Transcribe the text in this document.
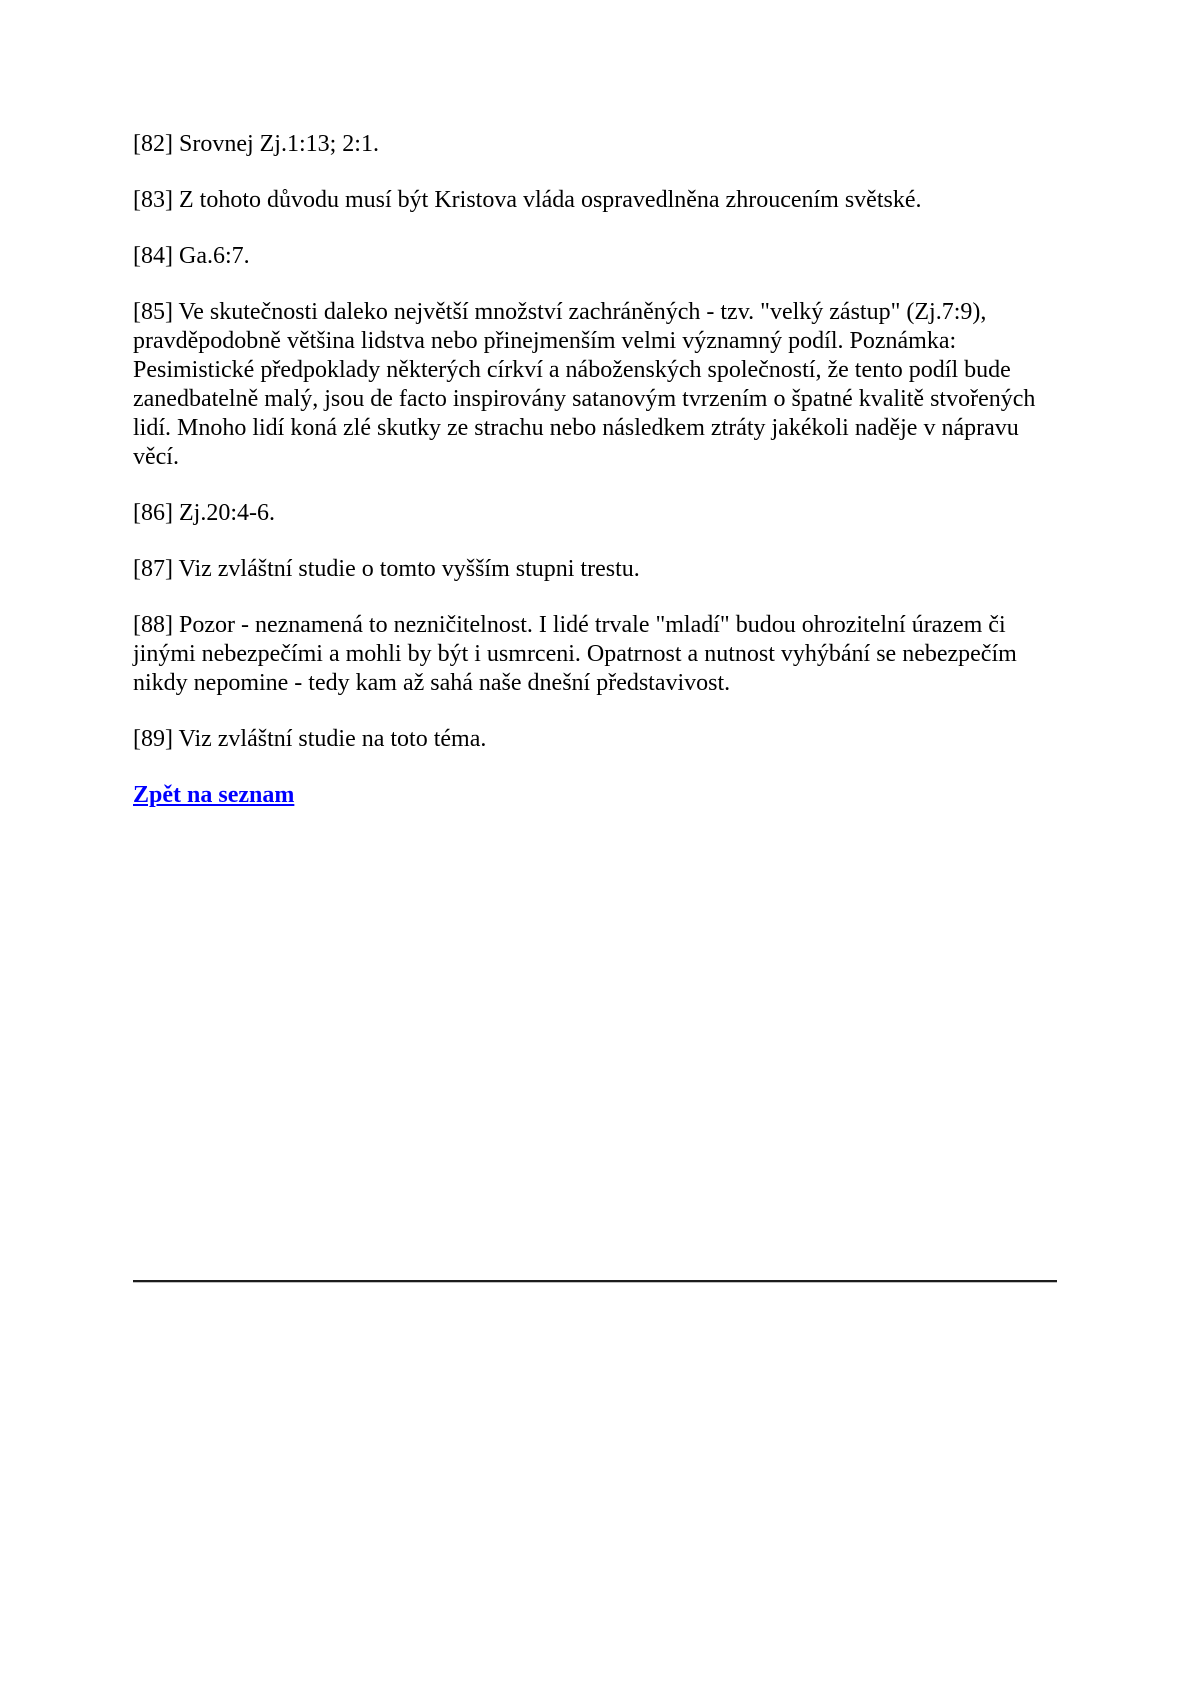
[82] Srovnej Zj.1:13; 2:1.

[83] Z tohoto důvodu musí být Kristova vláda ospravedlněna zhroucením světské.

[84] Ga.6:7.

[85] Ve skutečnosti daleko největší množství zachráněných - tzv. "velký zástup" (Zj.7:9), pravděpodobně většina lidstva nebo přinejmenším velmi významný podíl. Poznámka: Pesimistické předpoklady některých církví a náboženských společností, že tento podíl bude zanedbatelně malý, jsou de facto inspirovány satanovým tvrzením o špatné kvalitě stvořených lidí. Mnoho lidí koná zlé skutky ze strachu nebo následkem ztráty jakékoli naděje v nápravu věcí.

[86] Zj.20:4-6.

[87] Viz zvláštní studie o tomto vyšším stupni trestu.

[88] Pozor - neznamená to nezničitelnost. I lidé trvale "mladí" budou ohrozitelní úrazem či jinými nebezpečími a mohli by být i usmrceni. Opatrnost a nutnost vyhýbání se nebezpečím nikdy nepomine - tedy kam až sahá naše dnešní představivost.

[89] Viz zvláštní studie na toto téma.

Zpět na seznam
